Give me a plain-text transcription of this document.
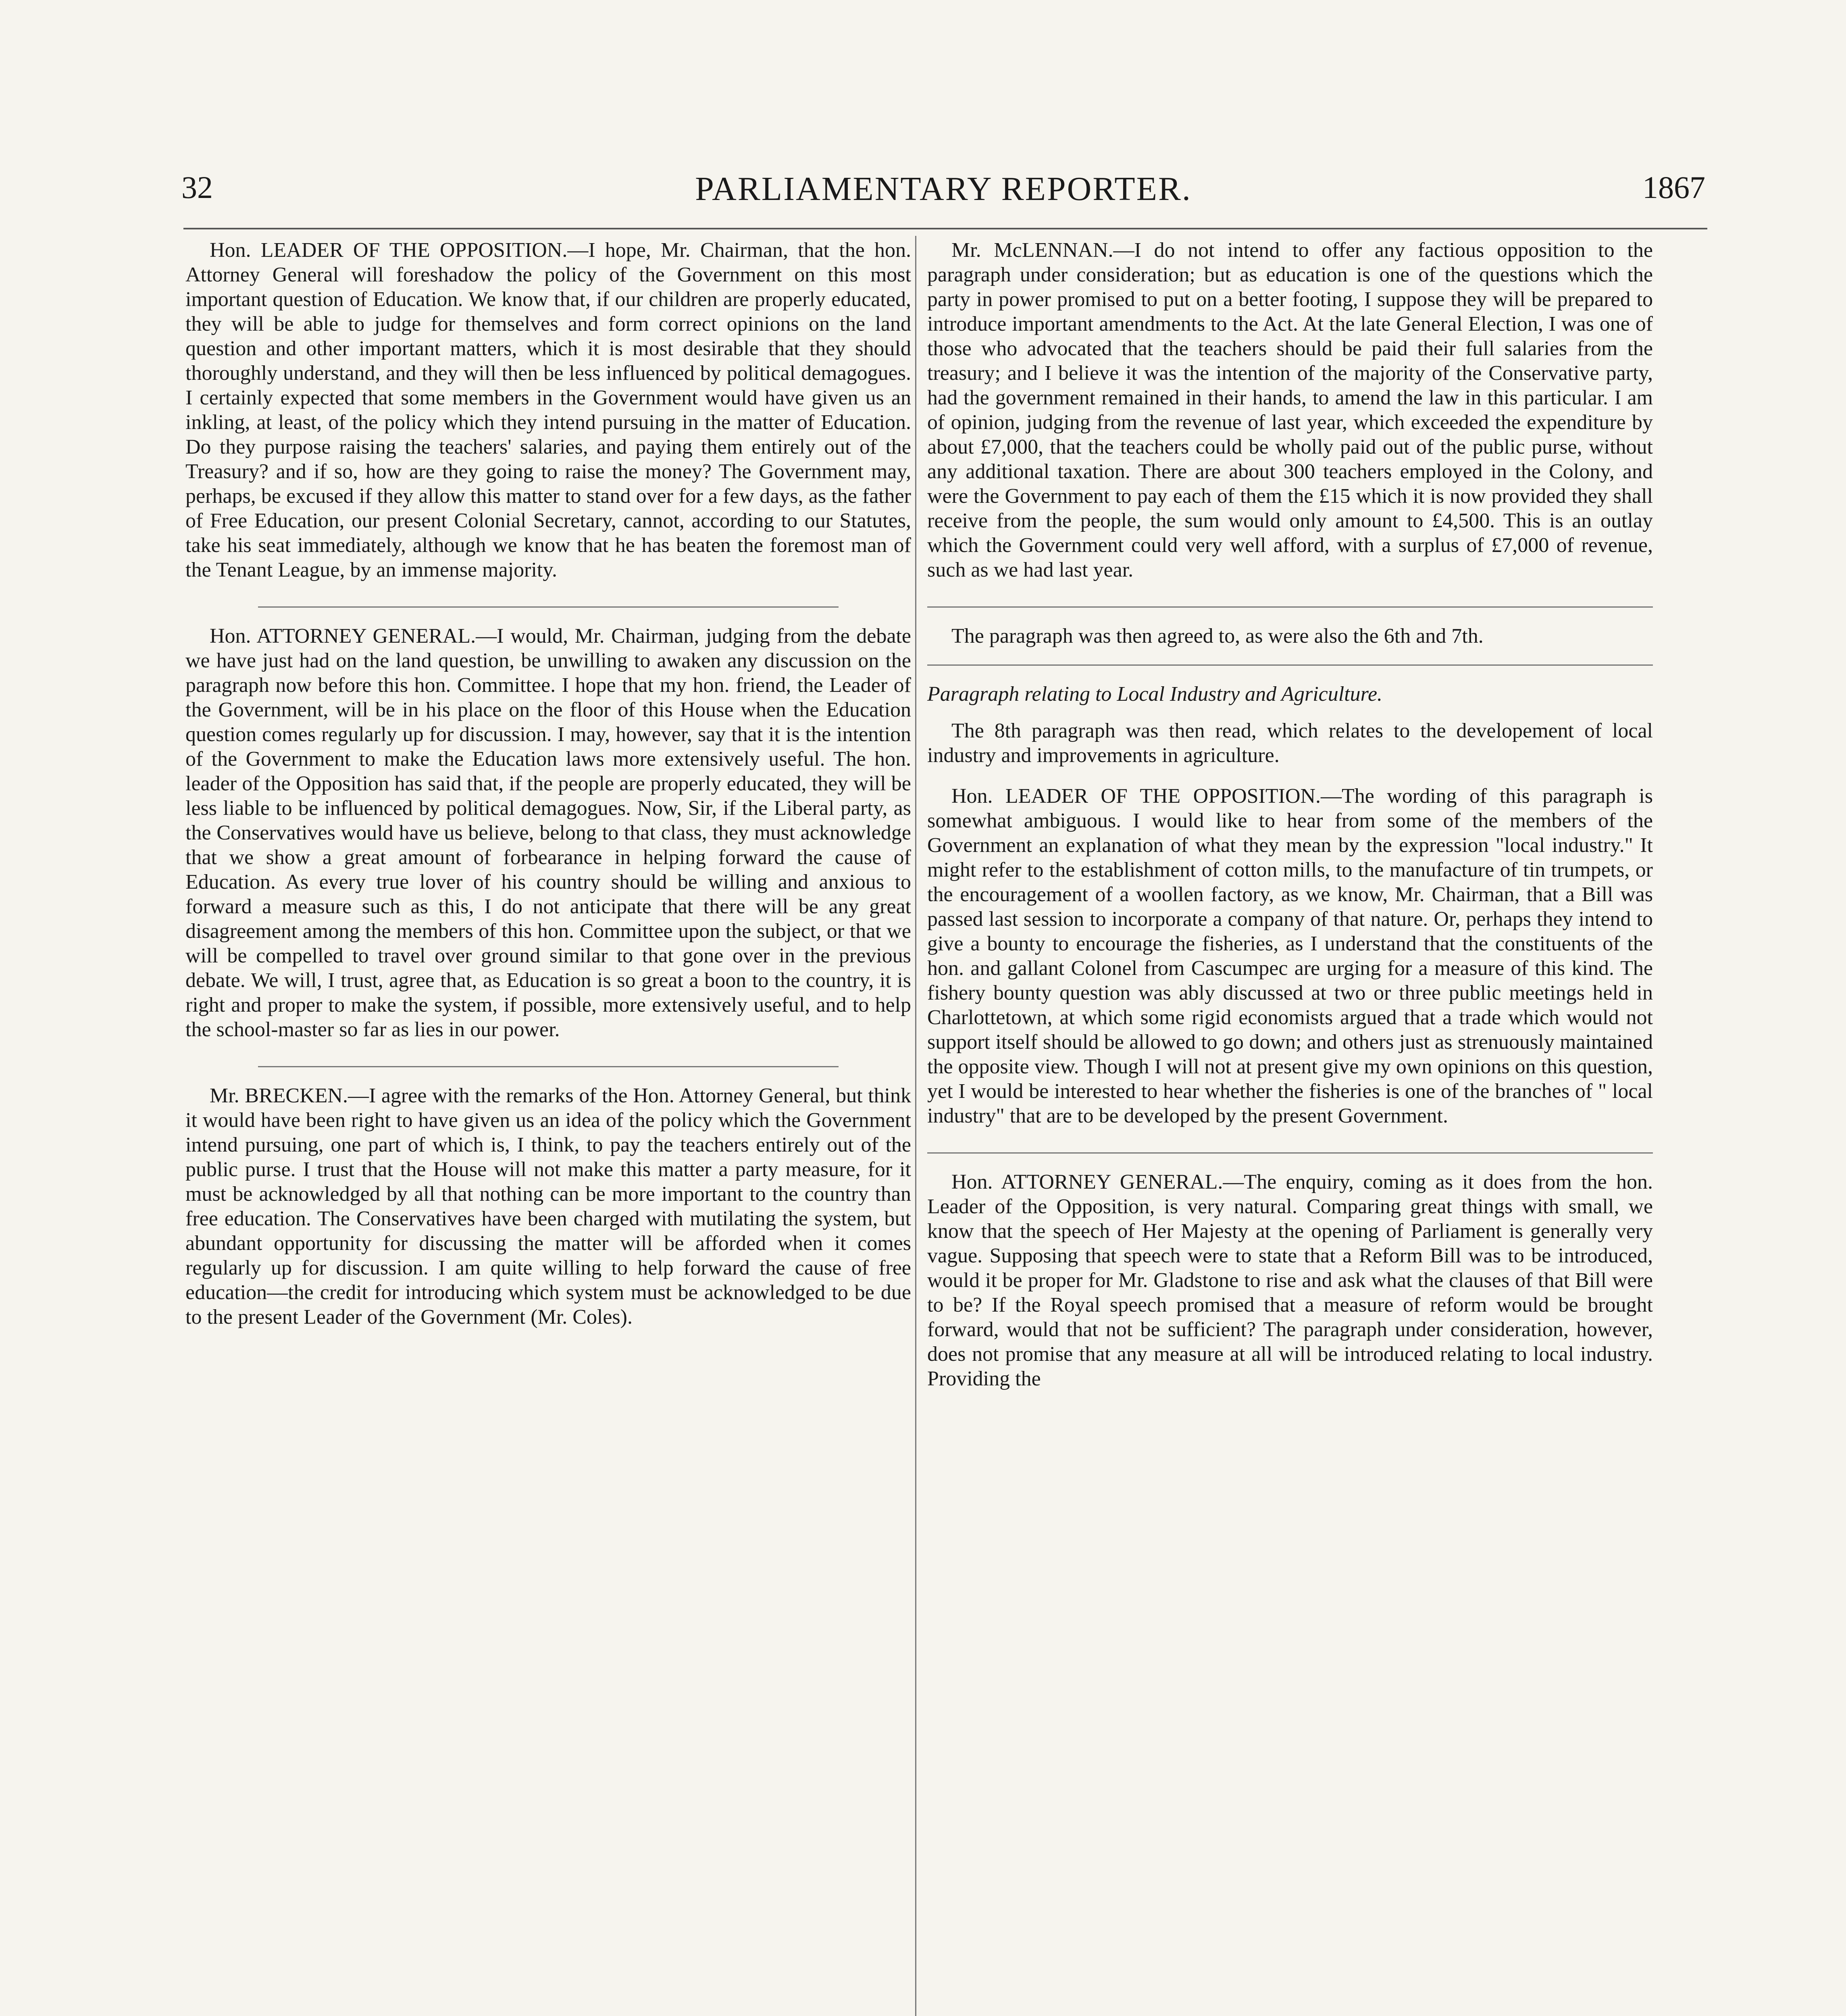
32	PARLIAMENTARY REPORTER.	1867

Hon. LEADER OF THE OPPOSITION.—I hope, Mr. Chairman, that the hon. Attorney General will foreshadow the policy of the Government on this most important question of Education. We know that, if our children are properly educated, they will be able to judge for themselves and form correct opinions on the land question and other important matters, which it is most desirable that they should thoroughly understand, and they will then be less influenced by political demagogues. I certainly expected that some members in the Government would have given us an inkling, at least, of the policy which they intend pursuing in the matter of Education. Do they purpose raising the teachers' salaries, and paying them entirely out of the Treasury? and if so, how are they going to raise the money? The Government may, perhaps, be excused if they allow this matter to stand over for a few days, as the father of Free Education, our present Colonial Secretary, cannot, according to our Statutes, take his seat immediately, although we know that he has beaten the foremost man of the Tenant League, by an immense majority.

Hon. ATTORNEY GENERAL.—I would, Mr. Chairman, judging from the debate we have just had on the land question, be unwilling to awaken any discussion on the paragraph now before this hon. Committee. I hope that my hon. friend, the Leader of the Government, will be in his place on the floor of this House when the Education question comes regularly up for discussion. I may, however, say that it is the intention of the Government to make the Education laws more extensively useful. The hon. leader of the Opposition has said that, if the people are properly educated, they will be less liable to be influenced by political demagogues. Now, Sir, if the Liberal party, as the Conservatives would have us believe, belong to that class, they must acknowledge that we show a great amount of forbearance in helping forward the cause of Education. As every true lover of his country should be willing and anxious to forward a measure such as this, I do not anticipate that there will be any great disagreement among the members of this hon. Committee upon the subject, or that we will be compelled to travel over ground similar to that gone over in the previous debate. We will, I trust, agree that, as Education is so great a boon to the country, it is right and proper to make the system, if possible, more extensively useful, and to help the school-master so far as lies in our power.

Mr. BRECKEN.—I agree with the remarks of the Hon. Attorney General, but think it would have been right to have given us an idea of the policy which the Government intend pursuing, one part of which is, I think, to pay the teachers entirely out of the public purse. I trust that the House will not make this matter a party measure, for it must be acknowledged by all that nothing can be more important to the country than free education. The Conservatives have been charged with mutilating the system, but abundant opportunity for discussing the matter will be afforded when it comes regularly up for discussion. I am quite willing to help forward the cause of free education—the credit for introducing which system must be acknowledged to be due to the present Leader of the Government (Mr. Coles).

Mr. McLENNAN.—I do not intend to offer any factious opposition to the paragraph under consideration; but as education is one of the questions which the party in power promised to put on a better footing, I suppose they will be prepared to introduce important amendments to the Act. At the late General Election, I was one of those who advocated that the teachers should be paid their full salaries from the treasury; and I believe it was the intention of the majority of the Conservative party, had the government remained in their hands, to amend the law in this particular. I am of opinion, judging from the revenue of last year, which exceeded the expenditure by about £7,000, that the teachers could be wholly paid out of the public purse, without any additional taxation. There are about 300 teachers employed in the Colony, and were the Government to pay each of them the £15 which it is now provided they shall receive from the people, the sum would only amount to £4,500. This is an outlay which the Government could very well afford, with a surplus of £7,000 of revenue, such as we had last year.

The paragraph was then agreed to, as were also the 6th and 7th.

Paragraph relating to Local Industry and Agriculture.

The 8th paragraph was then read, which relates to the developement of local industry and improvements in agriculture.

Hon. LEADER OF THE OPPOSITION.—The wording of this paragraph is somewhat ambiguous. I would like to hear from some of the members of the Government an explanation of what they mean by the expression "local industry." It might refer to the establishment of cotton mills, to the manufacture of tin trumpets, or the encouragement of a woollen factory, as we know, Mr. Chairman, that a Bill was passed last session to incorporate a company of that nature. Or, perhaps they intend to give a bounty to encourage the fisheries, as I understand that the constituents of the hon. and gallant Colonel from Cascumpec are urging for a measure of this kind. The fishery bounty question was ably discussed at two or three public meetings held in Charlottetown, at which some rigid economists argued that a trade which would not support itself should be allowed to go down; and others just as strenuously maintained the opposite view. Though I will not at present give my own opinions on this question, yet I would be interested to hear whether the fisheries is one of the branches of " local industry" that are to be developed by the present Government.

Hon. ATTORNEY GENERAL.—The enquiry, coming as it does from the hon. Leader of the Opposition, is very natural. Comparing great things with small, we know that the speech of Her Majesty at the opening of Parliament is generally very vague. Supposing that speech were to state that a Reform Bill was to be introduced, would it be proper for Mr. Gladstone to rise and ask what the clauses of that Bill were to be? If the Royal speech promised that a measure of reform would be brought forward, would that not be sufficient? The paragraph under consideration, however, does not promise that any measure at all will be introduced relating to local industry. Providing the
